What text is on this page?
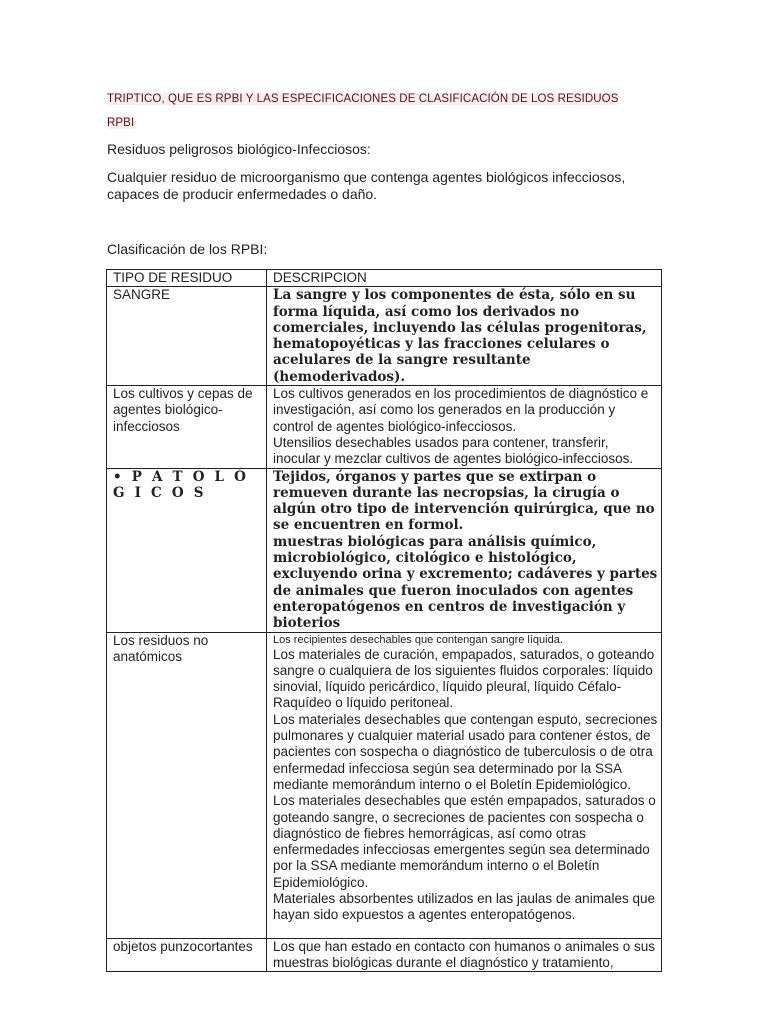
TRIPTICO, QUE ES RPBI Y LAS ESPECIFICACIONES DE CLASIFICACIÓN DE LOS RESIDUOS
RPBI
Residuos peligrosos biológico-Infecciosos:
Cualquier residuo de microorganismo que contenga agentes biológicos infecciosos, capaces de producir enfermedades o daño.
Clasificación de los RPBI:
TIPO DE RESIDUO	DESCRIPCION
SANGRE	La sangre y los componentes de ésta, sólo en su forma líquida, así como los derivados no comerciales, incluyendo las células progenitoras, hematopoyéticas y las fracciones celulares o acelulares de la sangre resultante (hemoderivados).

Los cultivos y cepas de agentes biológico-infecciosos	Los cultivos generados en los procedimientos de diagnóstico e investigación, así como los generados en la producción y control de agentes biológico-infecciosos.
Utensilios desechables usados para contener, transferir, inocular y mezclar cultivos de agentes biológico-infecciosos.

• P A T O L Ó G I C O S	Tejidos, órganos y partes que se extirpan o remueven durante las necropsias, la cirugía o algún otro tipo de intervención quirúrgica, que no se encuentren en formol.
muestras biológicas para análisis químico, microbiológico, citológico e histológico, excluyendo orina y excremento; cadáveres y partes de animales que fueron inoculados con agentes enteropatógenos en centros de investigación y bioterios

Los residuos no anatómicos	Los recipientes desechables que contengan sangre líquida.
Los materiales de curación, empapados, saturados, o goteando sangre o cualquiera de los siguientes fluidos corporales: líquido sinovial, líquido pericárdico, líquido pleural, líquido Céfalo-Raquídeo o líquido peritoneal.
Los materiales desechables que contengan esputo, secreciones pulmonares y cualquier material usado para contener éstos, de pacientes con sospecha o diagnóstico de tuberculosis o de otra enfermedad infecciosa según sea determinado por la SSA mediante memorándum interno o el Boletín Epidemiológico.
Los materiales desechables que estén empapados, saturados o goteando sangre, o secreciones de pacientes con sospecha o diagnóstico de fiebres hemorrágicas, así como otras enfermedades infecciosas emergentes según sea determinado por la SSA mediante memorándum interno o el Boletín Epidemiológico.
Materiales absorbentes utilizados en las jaulas de animales que hayan sido expuestos a agentes enteropatógenos.

objetos punzocortantes	Los que han estado en contacto con humanos o animales o sus muestras biológicas durante el diagnóstico y tratamiento,
